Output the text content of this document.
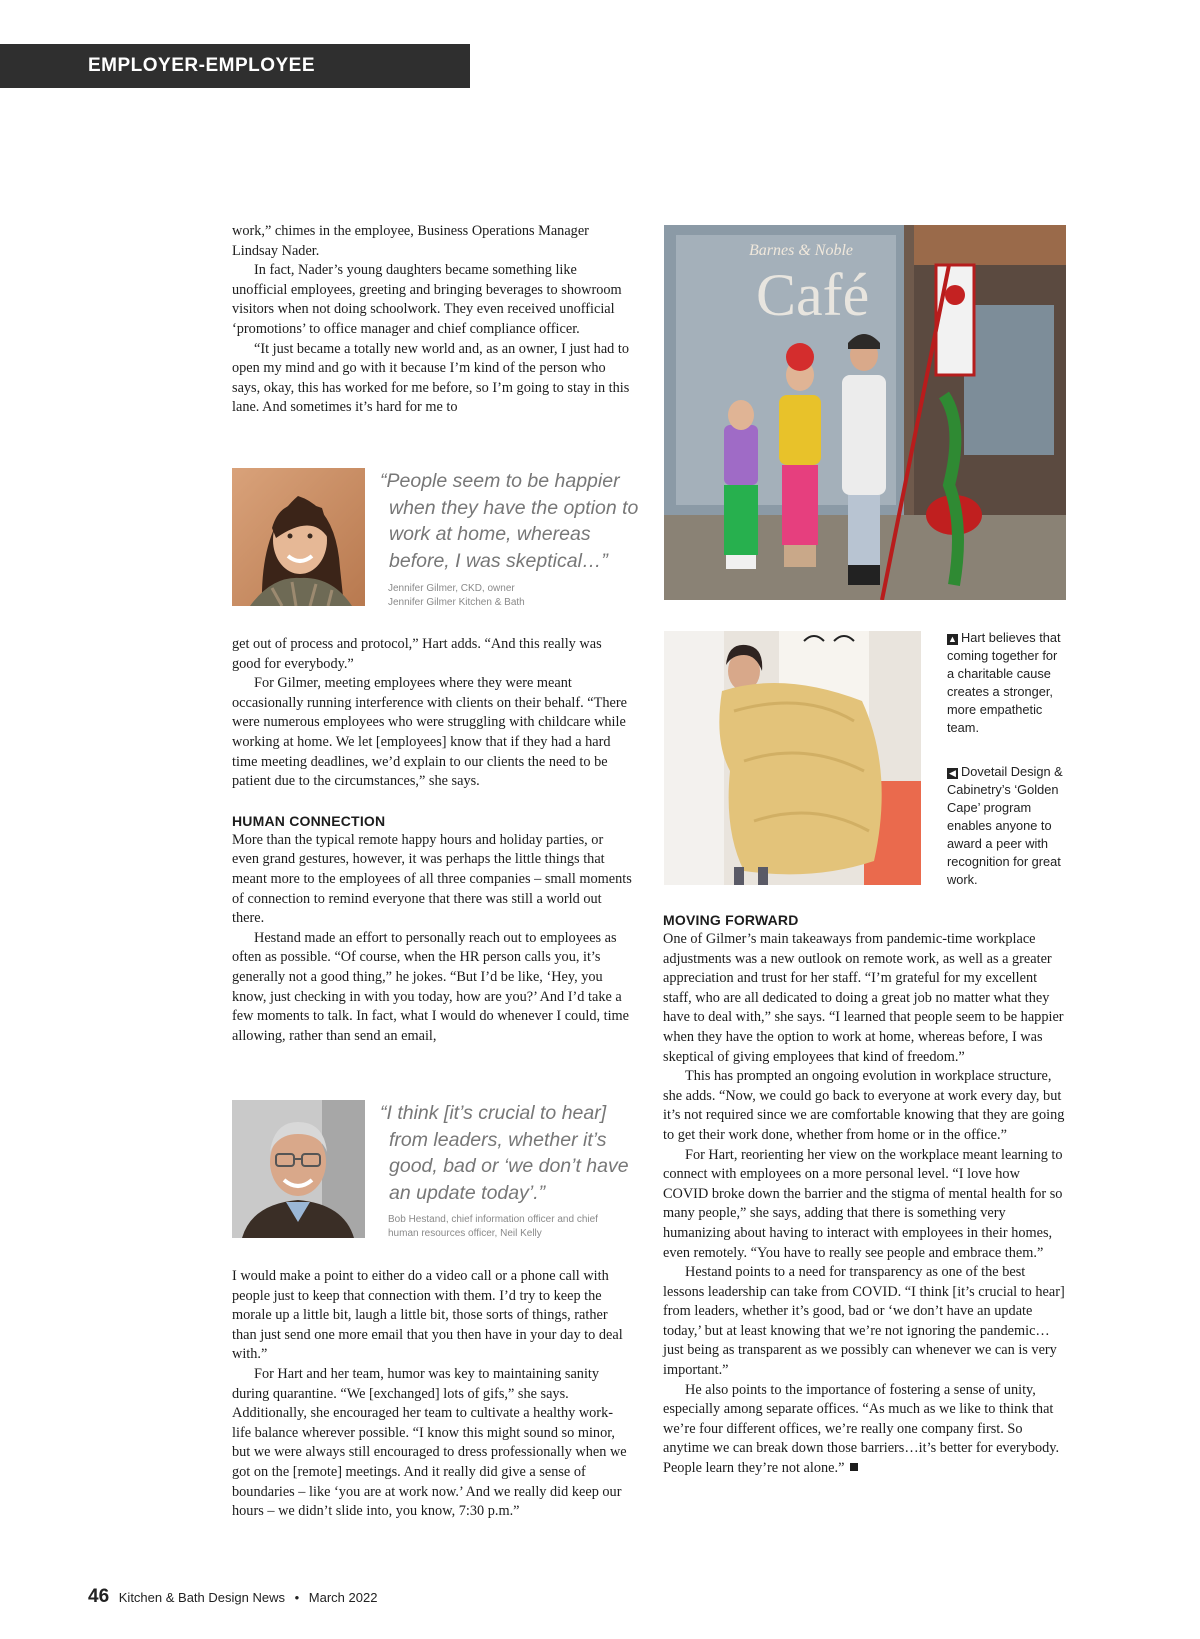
EMPLOYER-EMPLOYEE RELATIONSHIPS

work,” chimes in the employee, Business Operations Manager Lindsay Nader.

In fact, Nader’s young daughters became something like unofficial employees, greeting and bringing beverages to showroom visitors when not doing schoolwork. They even received unofficial ‘promotions’ to office manager and chief compliance officer.

“It just became a totally new world and, as an owner, I just had to open my mind and go with it because I’m kind of the person who says, okay, this has worked for me before, so I’m going to stay in this lane. And sometimes it’s hard for me to

“People seem to be happier when they have the option to work at home, whereas before, I was skeptical…”
Jennifer Gilmer, CKD, owner
Jennifer Gilmer Kitchen & Bath

get out of process and protocol,” Hart adds. “And this really was good for everybody.”

For Gilmer, meeting employees where they were meant occasionally running interference with clients on their behalf. “There were numerous employees who were struggling with childcare while working at home. We let [employees] know that if they had a hard time meeting deadlines, we’d explain to our clients the need to be patient due to the circumstances,” she says.

HUMAN CONNECTION

More than the typical remote happy hours and holiday parties, or even grand gestures, however, it was perhaps the little things that meant more to the employees of all three companies – small moments of connection to remind everyone that there was still a world out there.

Hestand made an effort to personally reach out to employees as often as possible. “Of course, when the HR person calls you, it’s generally not a good thing,” he jokes. “But I’d be like, ‘Hey, you know, just checking in with you today, how are you?’ And I’d take a few moments to talk. In fact, what I would do whenever I could, time allowing, rather than send an email,

“I think [it’s crucial to hear] from leaders, whether it’s good, bad or ‘we don’t have an update today’.”
Bob Hestand, chief information officer and chief
human resources officer, Neil Kelly

I would make a point to either do a video call or a phone call with people just to keep that connection with them. I’d try to keep the morale up a little bit, laugh a little bit, those sorts of things, rather than just send one more email that you then have in your day to deal with.”

For Hart and her team, humor was key to maintaining sanity during quarantine. “We [exchanged] lots of gifs,” she says. Additionally, she encouraged her team to cultivate a healthy work-life balance wherever possible. “I know this might sound so minor, but we were always still encouraged to dress professionally when we got on the [remote] meetings. And it really did give a sense of boundaries – like ‘you are at work now.’ And we really did keep our hours – we didn’t slide into, you know, 7:30 p.m.”

Barnes & Noble
Café
▲ Hart believes that coming together for a charitable cause creates a stronger, more empathetic team.
◀ Dovetail Design & Cabinetry’s ‘Golden Cape’ program enables anyone to award a peer with recognition for great work.
MOVING FORWARD

One of Gilmer’s main takeaways from pandemic-time workplace adjustments was a new outlook on remote work, as well as a greater appreciation and trust for her staff. “I’m grateful for my excellent staff, who are all dedicated to doing a great job no matter what they have to deal with,” she says. “I learned that people seem to be happier when they have the option to work at home, whereas before, I was skeptical of giving employees that kind of freedom.”

This has prompted an ongoing evolution in workplace structure, she adds. “Now, we could go back to everyone at work every day, but it’s not required since we are comfortable knowing that they are going to get their work done, whether from home or in the office.”

For Hart, reorienting her view on the workplace meant learning to connect with employees on a more personal level. “I love how COVID broke down the barrier and the stigma of mental health for so many people,” she says, adding that there is something very humanizing about having to interact with employees in their homes, even remotely. “You have to really see people and embrace them.”

Hestand points to a need for transparency as one of the best lessons leadership can take from COVID. “I think [it’s crucial to hear] from leaders, whether it’s good, bad or ‘we don’t have an update today,’ but at least knowing that we’re not ignoring the pandemic…just being as transparent as we possibly can whenever we can is very important.”

He also points to the importance of fostering a sense of unity, especially among separate offices. “As much as we like to think that we’re four different offices, we’re really one company first. So anytime we can break down those barriers…it’s better for everybody. People learn they’re not alone.”

46 Kitchen & Bath Design News • March 2022
